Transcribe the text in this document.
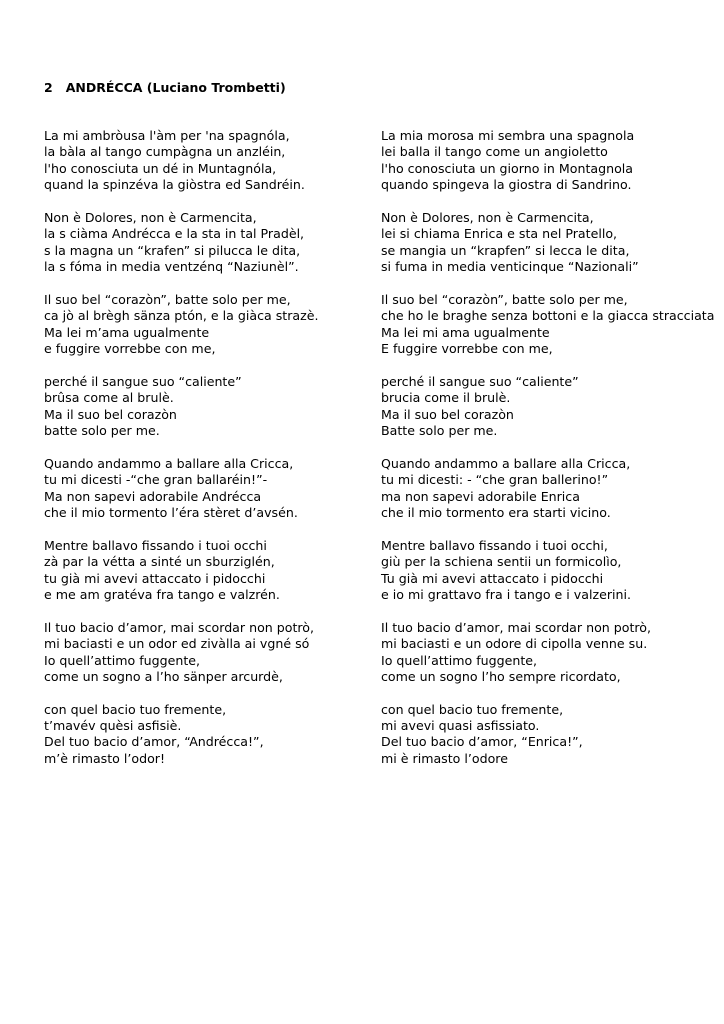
2   ANDRÉCCA (Luciano Trombetti)
La mi ambròusa l'àm per 'na spagnóla,
la bàla al tango cumpàgna un anzléin,
l'ho conosciuta un dé in Muntagnóla,
quand la spinzéva la giòstra ed Sandréin.
Non è Dolores, non è Carmencita,
la s ciàma Andrécca e la sta in tal Pradèl,
s la magna un “krafen” si pilucca le dita,
la s fóma in media ventzénq “Naziunèl”.
Il suo bel “corazòn”, batte solo per me,
ca jò al brègh sänza ptón, e la giàca strazè.
Ma lei m’ama ugualmente
e fuggire vorrebbe con me,
perché il sangue suo “caliente”
brûsa come al brulè.
Ma il suo bel corazòn
batte solo per me.
Quando andammo a ballare alla Cricca,
tu mi dicesti -“che gran ballaréin!”-
Ma non sapevi adorabile Andrécca
che il mio tormento l’éra stèret d’avsén.
Mentre ballavo fissando i tuoi occhi
zà par la vétta a sinté un sburziglén,
tu già mi avevi attaccato i pidocchi
e me am gratéva fra tango e valzrén.
Il tuo bacio d’amor, mai scordar non potrò,
mi baciasti e un odor ed zivàlla ai vgné só
Io quell’attimo fuggente,
come un sogno a l’ho sänper arcurdè,
con quel bacio tuo fremente,
t’mavév quèsi asfisiè.
Del tuo bacio d’amor, “Andrécca!”,
m’è rimasto l’odor!
La mia morosa mi sembra una spagnola
lei balla il tango come un angioletto
l'ho conosciuta un giorno in Montagnola
quando spingeva la giostra di Sandrino.
Non è Dolores, non è Carmencita,
lei si chiama Enrica e sta nel Pratello,
se mangia un “krapfen” si lecca le dita,
si fuma in media venticinque “Nazionali”
Il suo bel “corazòn”, batte solo per me,
che ho le braghe senza bottoni e la giacca stracciata
Ma lei mi ama ugualmente
E fuggire vorrebbe con me,
perché il sangue suo “caliente”
brucia come il brulè.
Ma il suo bel corazòn
Batte solo per me.
Quando andammo a ballare alla Cricca,
tu mi dicesti: - “che gran ballerino!”
ma non sapevi adorabile Enrica
che il mio tormento era starti vicino.
Mentre ballavo fissando i tuoi occhi,
giù per la schiena sentii un formicolìo,
Tu già mi avevi attaccato i pidocchi
e io mi grattavo fra i tango e i valzerini.
Il tuo bacio d’amor, mai scordar non potrò,
mi baciasti e un odore di cipolla venne su.
Io quell’attimo fuggente,
come un sogno l’ho sempre ricordato,
con quel bacio tuo fremente,
mi avevi quasi asfissiato.
Del tuo bacio d’amor, “Enrica!”,
mi è rimasto l’odore
